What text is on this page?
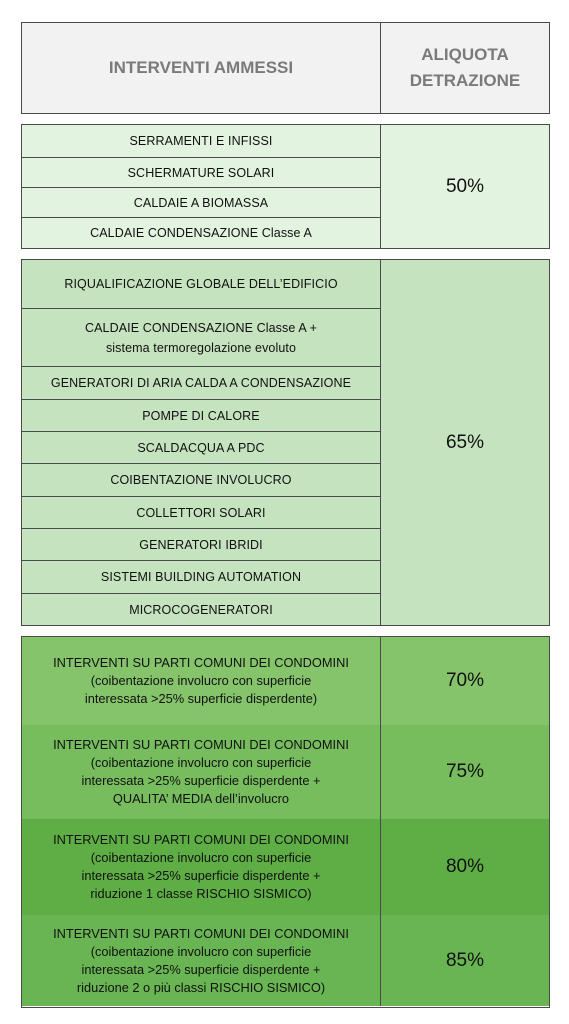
INTERVENTI AMMESSI
ALIQUOTA
DETRAZIONE
SERRAMENTI E INFISSI
SCHERMATURE SOLARI
CALDAIE A BIOMASSA
CALDAIE CONDENSAZIONE Classe A
50%
RIQUALIFICAZIONE GLOBALE DELL’EDIFICIO
CALDAIE CONDENSAZIONE Classe A +
sistema termoregolazione evoluto
GENERATORI DI ARIA CALDA A CONDENSAZIONE
POMPE DI CALORE
SCALDACQUA A PDC
COIBENTAZIONE INVOLUCRO
COLLETTORI SOLARI
GENERATORI IBRIDI
SISTEMI BUILDING AUTOMATION
MICROCOGENERATORI
65%
INTERVENTI SU PARTI COMUNI DEI CONDOMINI
(coibentazione involucro con superficie
interessata >25% superficie disperdente)
70%
INTERVENTI SU PARTI COMUNI DEI CONDOMINI
(coibentazione involucro con superficie
interessata >25% superficie disperdente +
QUALITA’ MEDIA dell’involucro
75%
INTERVENTI SU PARTI COMUNI DEI CONDOMINI
(coibentazione involucro con superficie
interessata >25% superficie disperdente +
riduzione 1 classe RISCHIO SISMICO)
80%
INTERVENTI SU PARTI COMUNI DEI CONDOMINI
(coibentazione involucro con superficie
interessata >25% superficie disperdente +
riduzione 2 o più classi RISCHIO SISMICO)
85%
